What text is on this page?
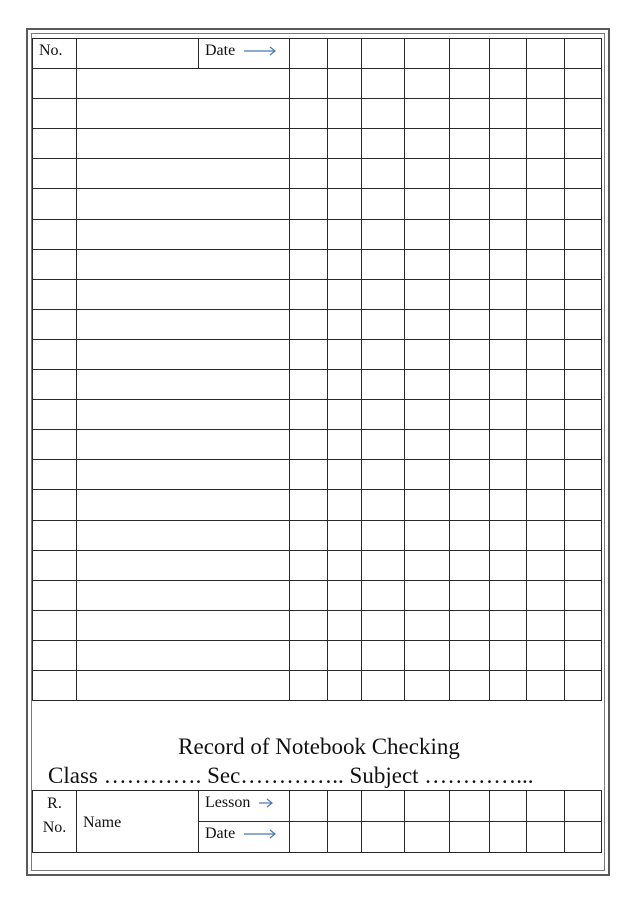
No.		Date								

Record of Notebook Checking
Class …………. Sec………….. Subject …………...
R.
No.	Name	Lesson								

		Date								
